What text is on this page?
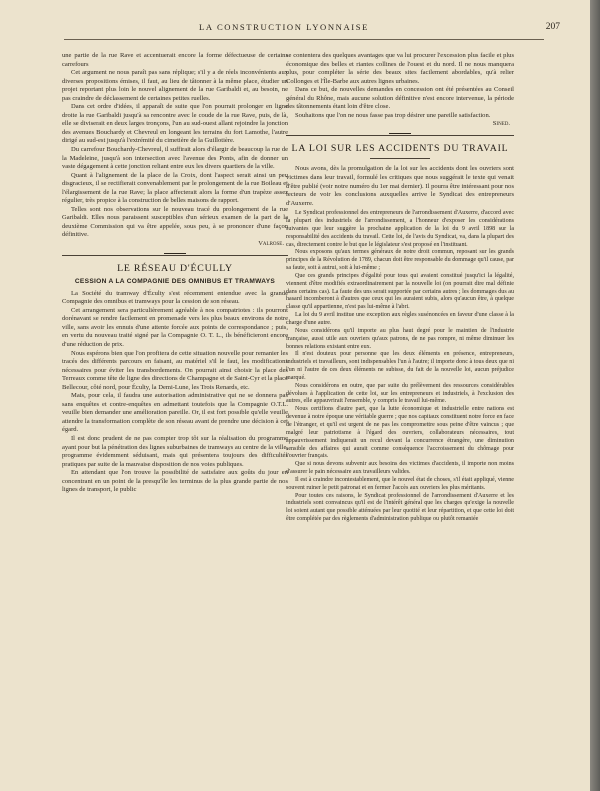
LA CONSTRUCTION LYONNAISE	207

une partie de la rue Rave et accentuerait encore la forme défectueuse de certains carrefours

Cet argument ne nous paraît pas sans réplique; s'il y a de réels inconvénients aux diverses propositions émises, il faut, au lieu de tâtonner à la même place, étudier un projet reportant plus loin le nouvel alignement de la rue Garibaldi et, au besoin, ne pas craindre de déclassement de certaines petites ruelles.

Dans cet ordre d'idées, il apparaît de suite que l'on pourrait prolonger en ligne droite la rue Garibaldi jusqu'à sa rencontre avec le coude de la rue Rave, puis, de là, elle se diviserait en deux larges tronçons, l'un au sud-ouest allant rejoindre la jonction des avenues Bouchardy et Chevreul en longeant les terrains du fort Lamothe, l'autre dirigé au sud-est jusqu'à l'extrémité du cimetière de la Guillotière.

Du carrefour Bouchardy-Chevreul, il suffirait alors d'élargir de beaucoup la rue de la Madeleine, jusqu'à son intersection avec l'avenue des Ponts, afin de donner un vaste dégagement à cette jonction reliant entre eux les divers quartiers de la ville.

Quant à l'alignement de la place de la Croix, dont l'aspect serait ainsi un peu disgracieux, il se rectifierait convenablement par le prolongement de la rue Boileau et l'élargissement de la rue Rave; la place affecterait alors la forme d'un trapèze assez régulier, très propice à la construction de belles maisons de rapport.

Telles sont nos observations sur le nouveau tracé du prolongement de la rue Garibaldi. Elles nous paraissent susceptibles d'un sérieux examen de la part de la deuxième Commission qui va être appelée, sous peu, à se prononcer d'une façon définitive.

Valrose.
LE RÉSEAU D'ÉCULLY
CESSION A LA COMPAGNIE DES OMNIBUS ET TRAMWAYS

La Société du tramway d'Éculty s'est récemment entendue avec la grande Compagnie des omnibus et tramways pour la cession de son réseau.

Cet arrangement sera particulièrement agréable à nos compatriotes : ils pourront dorénavant se rendre facilement en promenade vers les plus beaux environs de notre ville, sans avoir les ennuis d'une attente forcée aux points de correspondance ; puis, en vertu du nouveau traité signé par la Compagnie O. T. L., ils bénéficieront encore d'une réduction de prix.

Nous espérons bien que l'on profitera de cette situation nouvelle pour remanier les tracés des différents parcours en faisant, au matériel s'il le faut, les modifications nécessaires pour éviter les transbordements. On pourrait ainsi choisir la place des Terreaux comme tête de ligne des directions de Champagne et de Saint-Cyr et la place Bellecour, côté nord, pour Éculty, la Demi-Lune, les Trois Renards, etc.

Mais, pour cela, il faudra une autorisation administrative qui ne se donnera pas sans enquêtes et contre-enquêtes en admettant toutefois que la Compagnie O.T.L. veuille bien demander une amélioration pareille. Or, il est fort possible qu'elle veuille attendre la transformation complète de son réseau avant de prendre une décision à cet égard.

Il est donc prudent de ne pas compter trop tôt sur la réalisation du programme ayant pour but la pénétration des lignes suburbaines de tramways au centre de la ville, programme évidemment séduisant, mais qui présentera toujours des difficultés pratiques par suite de la mauvaise disposition de nos voies publiques.

En attendant que l'on trouve la possibilité de satisfaire aux goûts du jour en concentrant en un point de la presqu'île les terminus de la plus grande partie de nos lignes de transport, le public

se contentera des quelques avantages que va lui procurer l'excession plus facile et plus économique des belles et riantes collines de l'ouest et du nord. Il ne nous manquera plus, pour compléter la série des beaux sites facilement abordables, qu'à relier Collonges et l'Île-Barbe aux autres lignes urbaines.

Dans ce but, de nouvelles demandes en concession ont été présentées au Conseil général du Rhône, mais aucune solution définitive n'est encore intervenue, la période des tâtonnements étant loin d'être close.

Souhaitons que l'on ne nous fasse pas trop désirer une pareille satisfaction.

Sined.
LA LOI SUR LES ACCIDENTS DU TRAVAIL

Nous avons, dès la promulgation de la loi sur les accidents dont les ouvriers sont victimes dans leur travail, formulé les critiques que nous suggérait le texte qui venait d'être publié (voir notre numéro du 1er mai dernier). Il pourra être intéressant pour nos lecteurs de voir les conclusions auxquelles arrive le Syndicat des entrepreneurs d'Auxerre.

Le Syndicat professionnel des entrepreneurs de l'arrondissement d'Auxerre, d'accord avec la plupart des industriels de l'arrondissement, a l'honneur d'exposer les considérations suivantes que leur suggère la prochaine application de la loi du 9 avril 1898 sur la responsabilité des accidents du travail. Cette loi, de l'avis du Syndicat, va, dans la plupart des cas, directement contre le but que le législateur s'est proposé en l'instituant.

Nous exposons qu'aux termes généraux de notre droit commun, reposant sur les grands principes de la Révolution de 1789, chacun doit être responsable du dommage qu'il cause, par sa faute, soit à autrui, soit à lui-même ;

Que ces grands principes d'égalité pour tous qui avaient constitué jusqu'ici la légalité, viennent d'être modifiés extraordinairement par la nouvelle loi (on pourrait dire mal définie dans certains cas). La faute des uns serait supportée par certains autres ; les dommages dus au hasard incomberont à d'autres que ceux qui les auraient subis, alors qu'aucun être, à quelque classe qu'il appartienne, n'est pas lui-même à l'abri.

La loi du 9 avril institue une exception aux règles susénoncées en faveur d'une classe à la charge d'une autre.

Nous considérons qu'il importe au plus haut degré pour le maintien de l'industrie française, aussi utile aux ouvriers qu'aux patrons, de ne pas rompre, ni même diminuer les bonnes relations existant entre eux.

Il n'est douteux pour personne que les deux éléments en présence, entrepreneurs, industriels et travailleurs, sont indispensables l'un à l'autre; il importe donc à tous deux que ni l'un ni l'autre de ces deux éléments ne subisse, du fait de la nouvelle loi, aucun préjudice marqué.

Nous considérons en outre, que par suite du prélèvement des ressources considérables dévolues à l'application de cette loi, sur les entrepreneurs et industriels, à l'exclusion des autres, elle appauvrirait l'ensemble, y compris le travail lui-même.

Nous certifions d'autre part, que la lutte économique et industrielle entre nations est devenue à notre époque une véritable guerre ; que nos capitaux constituent notre force en face de l'étranger, et qu'il est urgent de ne pas les compromettre sous peine d'être vaincus ; que malgré leur patriotisme à l'égard des ouvriers, collaborateurs nécessaires, tout appauvrissement indiquerait un recul devant la concurrence étrangère, une diminution sensible des affaires qui aurait comme conséquence l'accroissement du chômage pour l'ouvrier français.

Que si nous devons subvenir aux besoins des victimes d'accidents, il importe non moins d'assurer le pain nécessaire aux travailleurs valides.

Il est à craindre incontestablement, que le nouvel état de choses, s'il était appliqué, vienne souvent ruiner le petit patronat et en fermer l'accès aux ouvriers les plus méritants.

Pour toutes ces raisons, le Syndicat professionnel de l'arrondissement d'Auxerre et les industriels sont convaincus qu'il est de l'intérêt général que les charges qu'exige la nouvelle loi soient autant que possible atténuées par leur quotité et leur répartition, et que cette loi doit être complétée par des règlements d'administration publique ou plutôt remaniée
